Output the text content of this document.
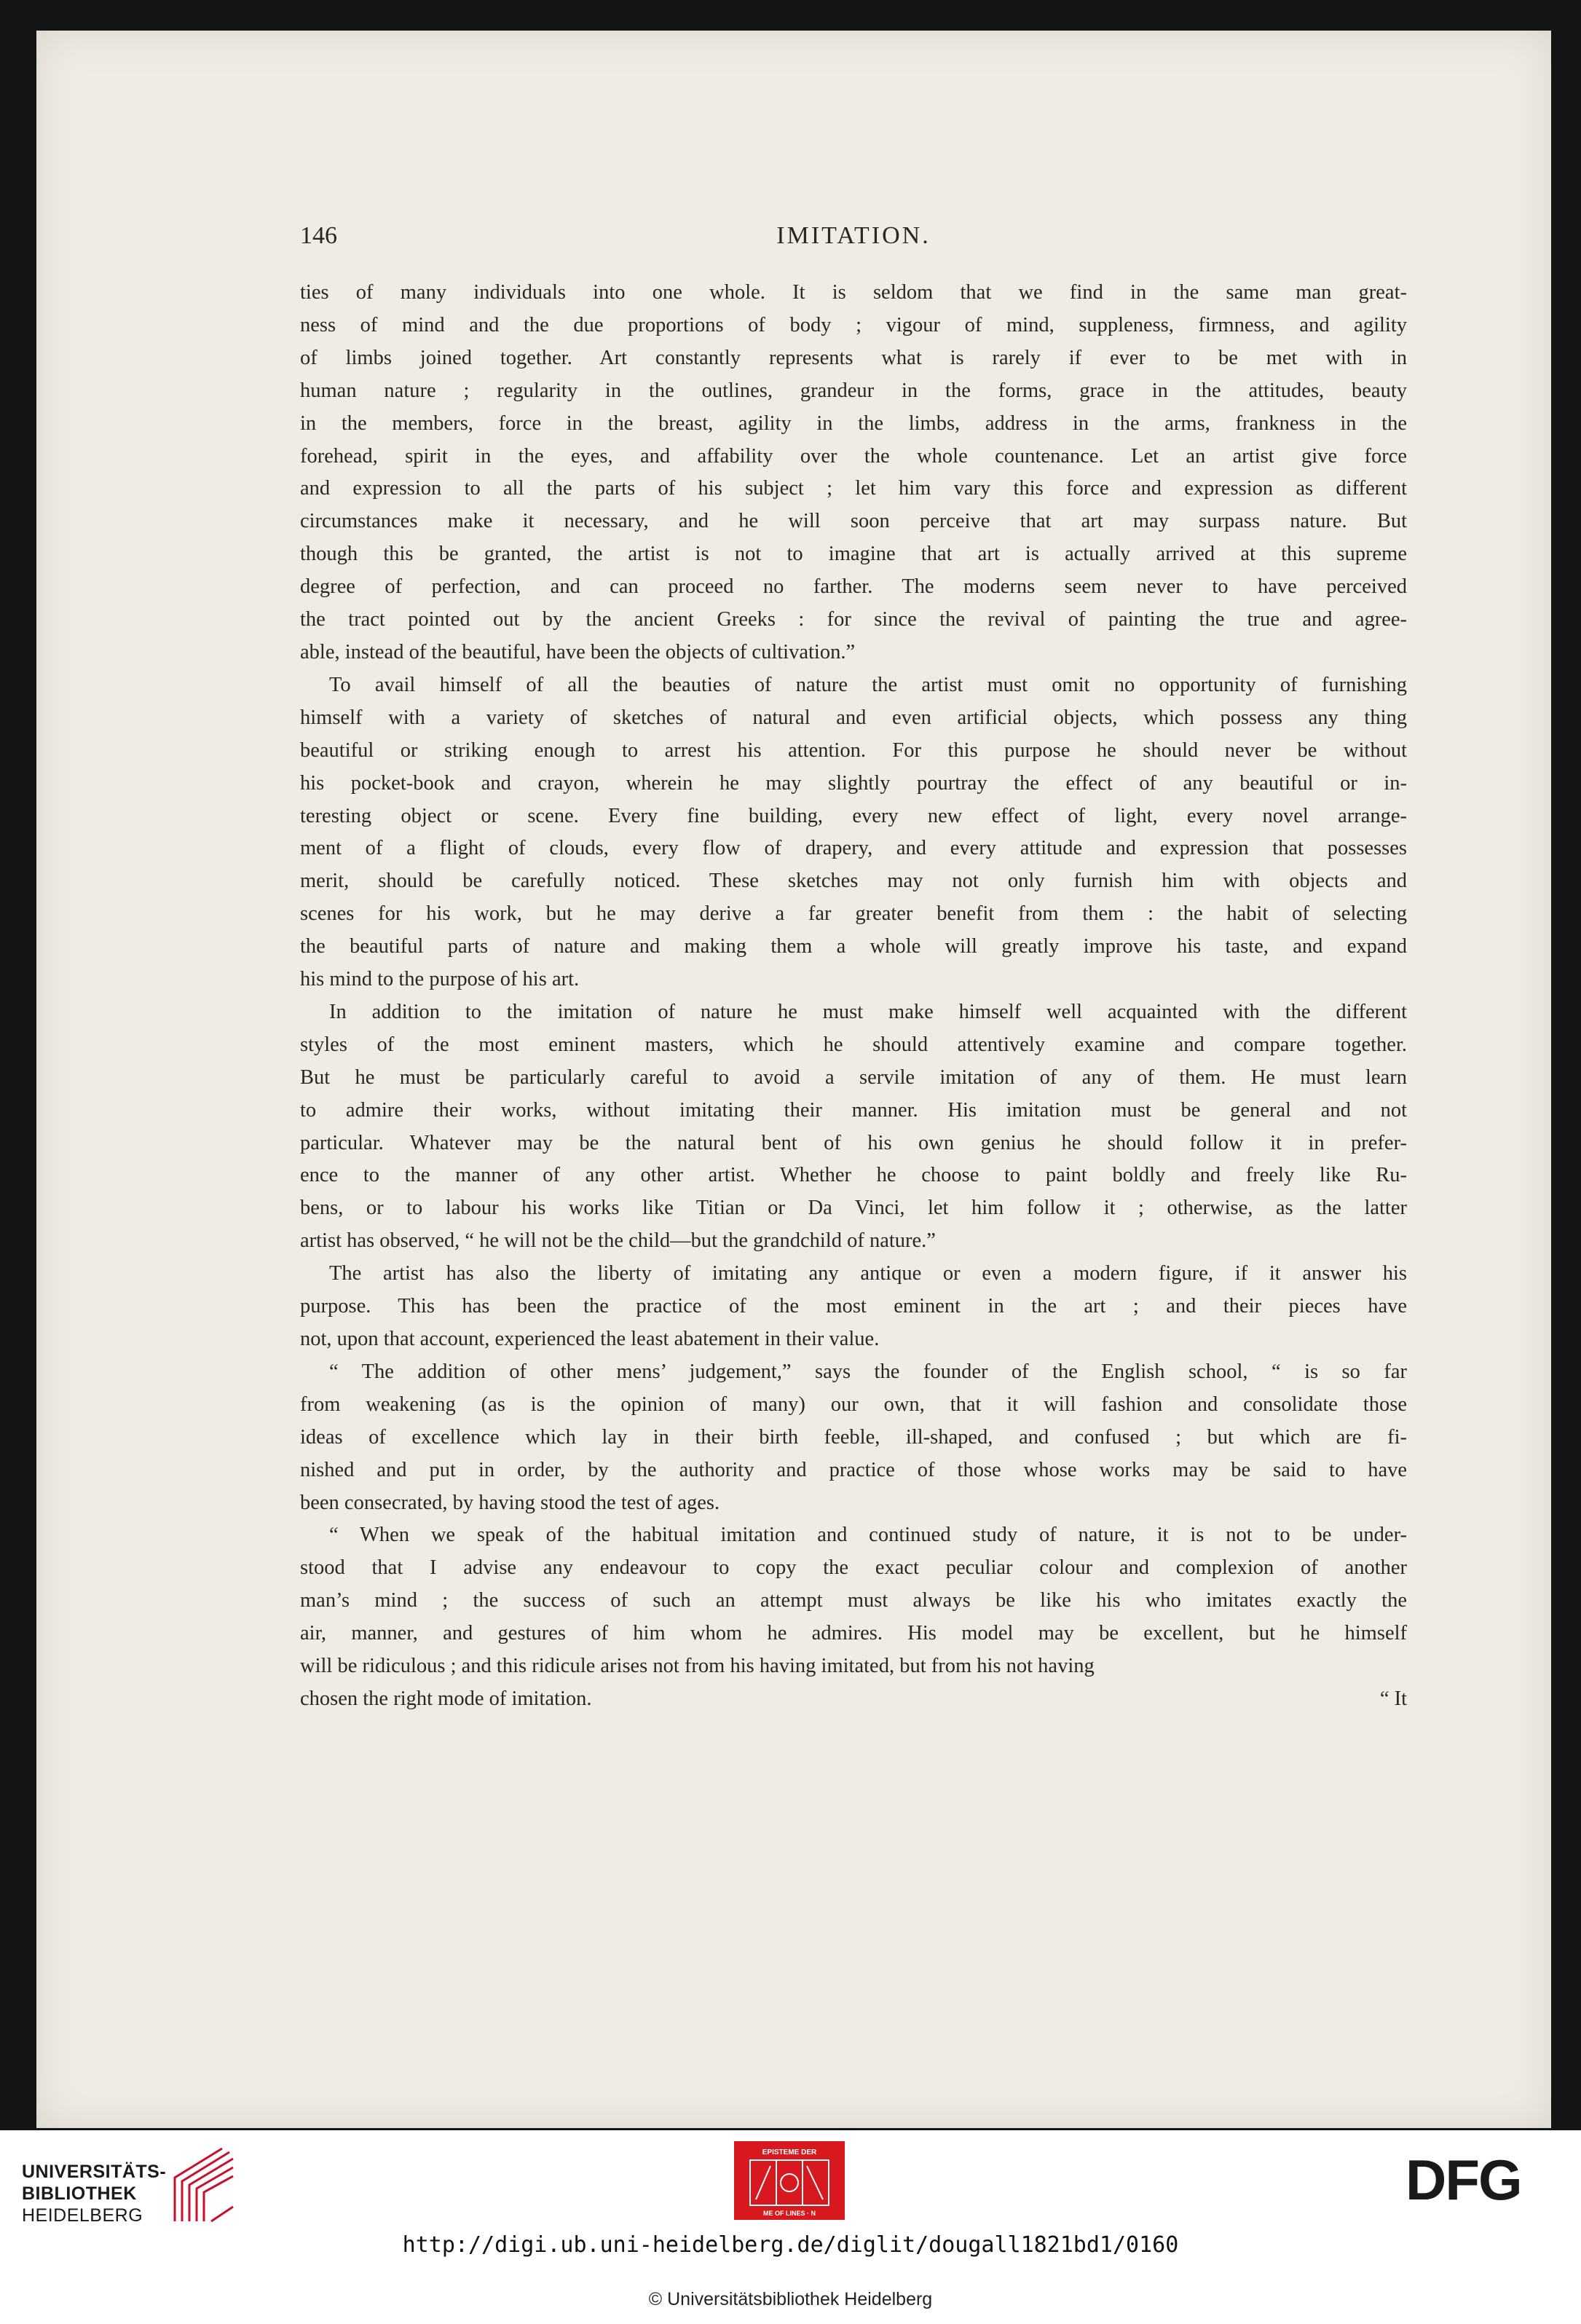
146	IMITATION.
ties of many individuals into one whole. It is seldom that we find in the same man great-
ness of mind and the due proportions of body ; vigour of mind, suppleness, firmness, and agility
of limbs joined together. Art constantly represents what is rarely if ever to be met with in
human nature ; regularity in the outlines, grandeur in the forms, grace in the attitudes, beauty
in the members, force in the breast, agility in the limbs, address in the arms, frankness in the
forehead, spirit in the eyes, and affability over the whole countenance. Let an artist give force
and expression to all the parts of his subject ; let him vary this force and expression as different
circumstances make it necessary, and he will soon perceive that art may surpass nature. But
though this be granted, the artist is not to imagine that art is actually arrived at this supreme
degree of perfection, and can proceed no farther. The moderns seem never to have perceived
the tract pointed out by the ancient Greeks : for since the revival of painting the true and agree-
able, instead of the beautiful, have been the objects of cultivation.”
To avail himself of all the beauties of nature the artist must omit no opportunity of furnishing
himself with a variety of sketches of natural and even artificial objects, which possess any thing
beautiful or striking enough to arrest his attention. For this purpose he should never be without
his pocket-book and crayon, wherein he may slightly pourtray the effect of any beautiful or in-
teresting object or scene. Every fine building, every new effect of light, every novel arrange-
ment of a flight of clouds, every flow of drapery, and every attitude and expression that possesses
merit, should be carefully noticed. These sketches may not only furnish him with objects and
scenes for his work, but he may derive a far greater benefit from them : the habit of selecting
the beautiful parts of nature and making them a whole will greatly improve his taste, and expand
his mind to the purpose of his art.
In addition to the imitation of nature he must make himself well acquainted with the different
styles of the most eminent masters, which he should attentively examine and compare together.
But he must be particularly careful to avoid a servile imitation of any of them. He must learn
to admire their works, without imitating their manner. His imitation must be general and not
particular. Whatever may be the natural bent of his own genius he should follow it in prefer-
ence to the manner of any other artist. Whether he choose to paint boldly and freely like Ru-
bens, or to labour his works like Titian or Da Vinci, let him follow it ; otherwise, as the latter
artist has observed, “ he will not be the child—but the grandchild of nature.”
The artist has also the liberty of imitating any antique or even a modern figure, if it answer his
purpose. This has been the practice of the most eminent in the art ; and their pieces have
not, upon that account, experienced the least abatement in their value.
“ The addition of other mens’ judgement,” says the founder of the English school, “ is so far
from weakening (as is the opinion of many) our own, that it will fashion and consolidate those
ideas of excellence which lay in their birth feeble, ill-shaped, and confused ; but which are fi-
nished and put in order, by the authority and practice of those whose works may be said to have
been consecrated, by having stood the test of ages.
“ When we speak of the habitual imitation and continued study of nature, it is not to be under-
stood that I advise any endeavour to copy the exact peculiar colour and complexion of another
man’s mind ; the success of such an attempt must always be like his who imitates exactly the
air, manner, and gestures of him whom he admires. His model may be excellent, but he himself
will be ridiculous ; and this ridicule arises not from his having imitated, but from his not having
chosen the right mode of imitation.	“ It
UNIVERSITÄTS-
BIBLIOTHEK
HEIDELBERG
EPISTEME DER
ME OF LINES · N
DFG
http://digi.ub.uni-heidelberg.de/diglit/dougall1821bd1/0160
© Universitätsbibliothek Heidelberg
